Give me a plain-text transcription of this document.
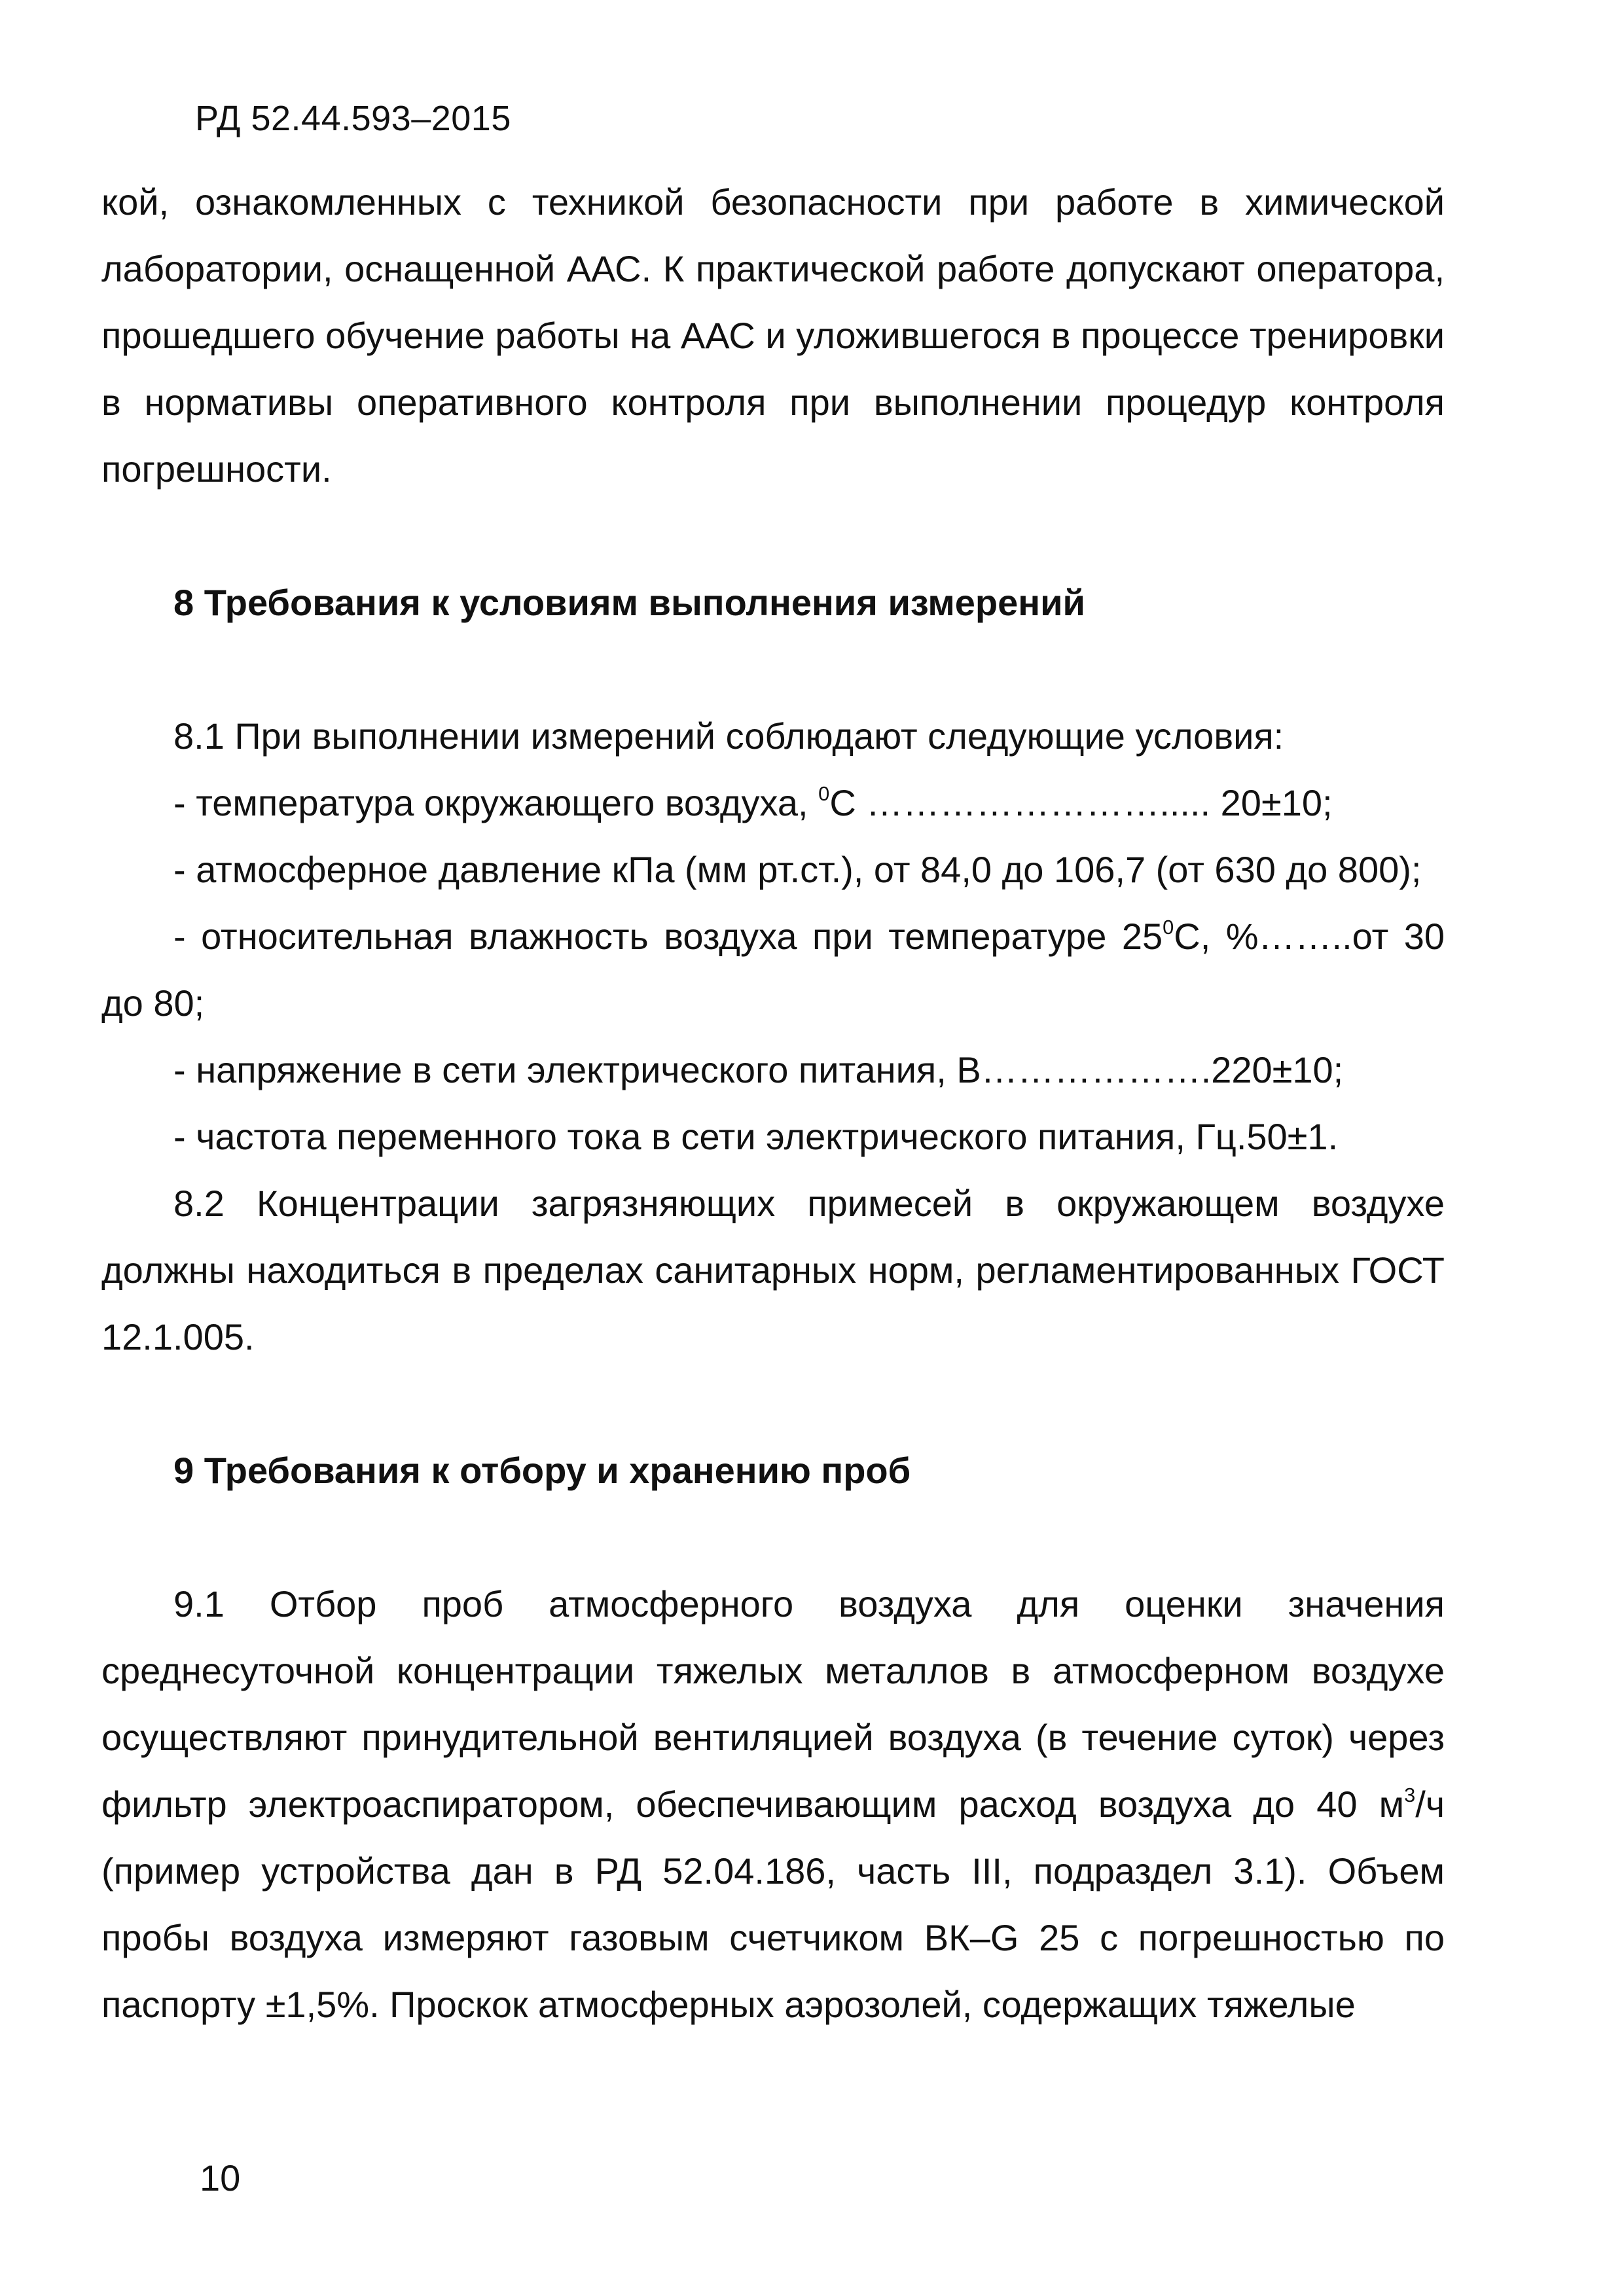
РД 52.44.593–2015

кой, ознакомленных с техникой безопасности при работе в химической лаборатории, оснащенной ААС. К практической работе допускают оператора, прошедшего обучение работы на ААС и уложившегося в процессе тренировки в нормативы оперативного контроля при выполнении процедур контроля погрешности.

8 Требования к условиям выполнения измерений

8.1 При выполнении измерений соблюдают следующие условия:

- температура окружающего воздуха, $^0$С ……………………..... 20±10;

- атмосферное давление кПа (мм рт.ст.), от 84,0 до 106,7 (от 630 до 800);

- относительная влажность воздуха при температуре $25^0С$, %……..от 30 до 80;

- напряжение в сети электрического питания, В……………….220±10;

- частота переменного тока в сети электрического питания, Гц.50±1.

8.2 Концентрации загрязняющих примесей в окружающем воздухе должны находиться в пределах санитарных норм, регламентированных ГОСТ 12.1.005.

9 Требования к отбору и хранению проб

9.1 Отбор проб атмосферного воздуха для оценки значения среднесуточной концентрации тяжелых металлов в атмосферном воздухе осуществляют принудительной вентиляцией воздуха (в течение суток) через фильтр электроаспиратором, обеспечивающим расход воздуха до 40 $м^3/ч$ (пример устройства дан в РД 52.04.186, часть III, подраздел 3.1). Объем пробы воздуха измеряют газовым счетчиком ВК–G 25 с погрешностью по паспорту ±1,5%. Проскок атмосферных аэрозолей, содержащих тяжелые

10
